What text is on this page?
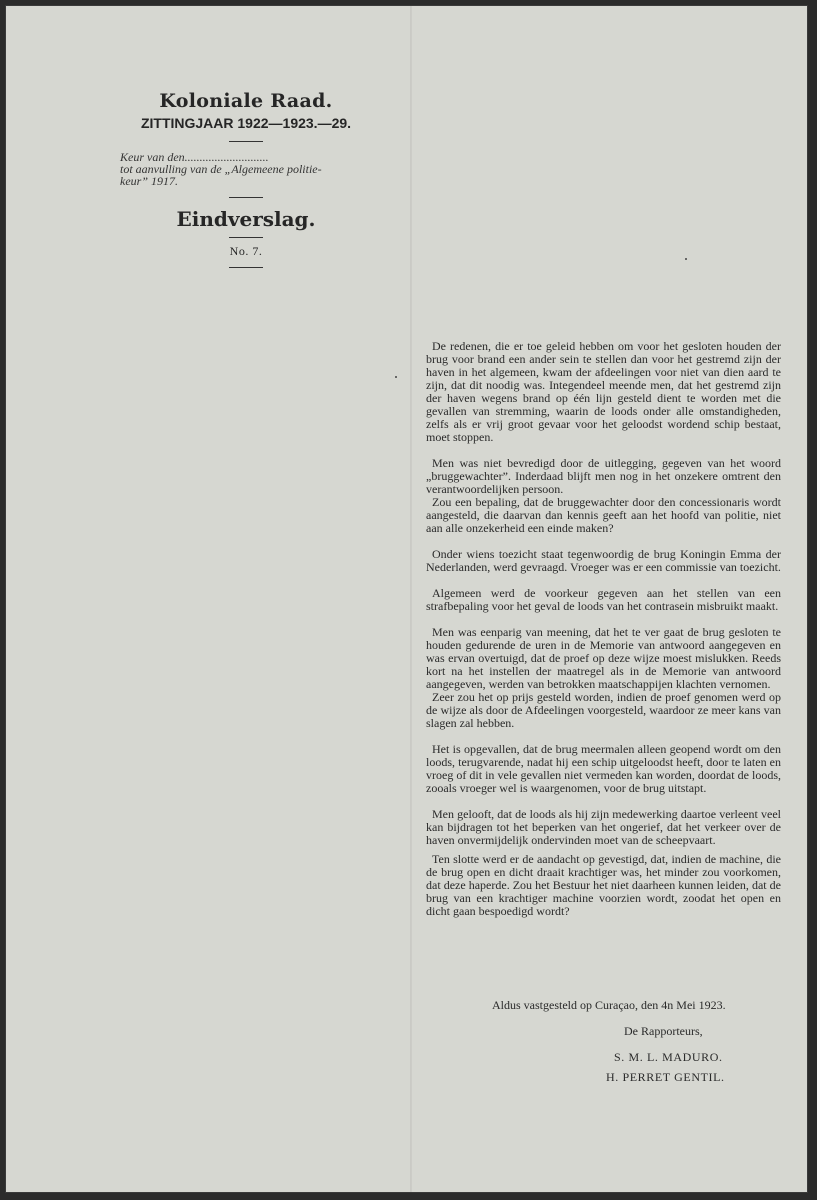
Koloniale Raad.
ZITTINGJAAR 1922—1923.—29.
Keur van den............................
tot aanvulling van de „Algemeene politie-
keur” 1917.
Eindverslag.
No. 7.

De redenen, die er toe geleid hebben om voor het gesloten houden der brug voor brand een ander sein te stellen dan voor het gestremd zijn der haven in het algemeen, kwam der afdeelingen voor niet van dien aard te zijn, dat dit noodig was. Integendeel meende men, dat het gestremd zijn der haven wegens brand op één lijn gesteld dient te worden met die gevallen van stremming, waarin de loods onder alle omstandigheden, zelfs als er vrij groot gevaar voor het geloodst wordend schip bestaat, moet stoppen.

Men was niet bevredigd door de uitlegging, gegeven van het woord „bruggewachter”. Inderdaad blijft men nog in het onzekere omtrent den verantwoordelijken persoon.

Zou een bepaling, dat de bruggewachter door den concessionaris wordt aangesteld, die daarvan dan kennis geeft aan het hoofd van politie, niet aan alle onzekerheid een einde maken?

Onder wiens toezicht staat tegenwoordig de brug Koningin Emma der Nederlanden, werd gevraagd. Vroeger was er een commissie van toezicht.

Algemeen werd de voorkeur gegeven aan het stellen van een strafbepaling voor het geval de loods van het contrasein misbruikt maakt.

Men was eenparig van meening, dat het te ver gaat de brug gesloten te houden gedurende de uren in de Memorie van antwoord aangegeven en was ervan overtuigd, dat de proef op deze wijze moest mislukken. Reeds kort na het instellen der maatregel als in de Memorie van antwoord aangegeven, werden van betrokken maatschappijen klachten vernomen.

Zeer zou het op prijs gesteld worden, indien de proef genomen werd op de wijze als door de Afdeelingen voorgesteld, waardoor ze meer kans van slagen zal hebben.

Het is opgevallen, dat de brug meermalen alleen geopend wordt om den loods, terugvarende, nadat hij een schip uitgeloodst heeft, door te laten en vroeg of dit in vele gevallen niet vermeden kan worden, doordat de loods, zooals vroeger wel is waargenomen, voor de brug uitstapt.

Men gelooft, dat de loods als hij zijn medewerking daartoe verleent veel kan bijdragen tot het beperken van het ongerief, dat het verkeer over de haven onvermijdelijk ondervinden moet van de scheepvaart.

Ten slotte werd er de aandacht op gevestigd, dat, indien de machine, die de brug open en dicht draait krachtiger was, het minder zou voorkomen, dat deze haperde. Zou het Bestuur het niet daarheen kunnen leiden, dat de brug van een krachtiger machine voorzien wordt, zoodat het open en dicht gaan bespoedigd wordt?

Aldus vastgesteld op Curaçao, den 4n Mei 1923.
De Rapporteurs,
S. M. L. MADURO.
H. PERRET GENTIL.
